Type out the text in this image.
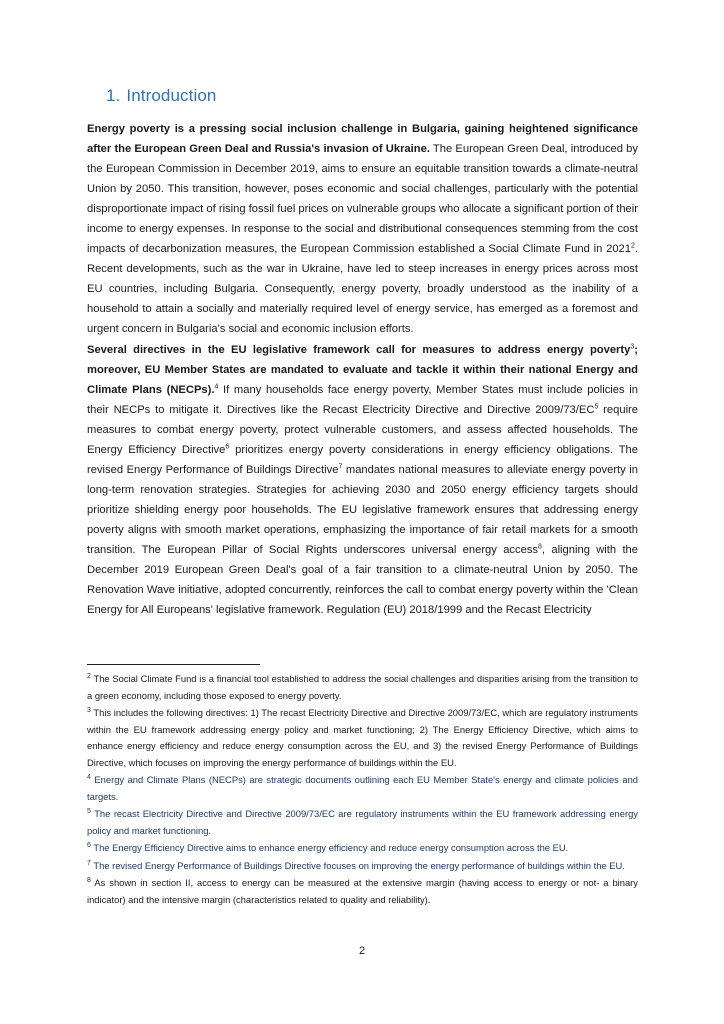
1. Introduction

Energy poverty is a pressing social inclusion challenge in Bulgaria, gaining heightened significance after the European Green Deal and Russia's invasion of Ukraine. The European Green Deal, introduced by the European Commission in December 2019, aims to ensure an equitable transition towards a climate-neutral Union by 2050. This transition, however, poses economic and social challenges, particularly with the potential disproportionate impact of rising fossil fuel prices on vulnerable groups who allocate a significant portion of their income to energy expenses. In response to the social and distributional consequences stemming from the cost impacts of decarbonization measures, the European Commission established a Social Climate Fund in 2021$^2$. Recent developments, such as the war in Ukraine, have led to steep increases in energy prices across most EU countries, including Bulgaria. Consequently, energy poverty, broadly understood as the inability of a household to attain a socially and materially required level of energy service, has emerged as a foremost and urgent concern in Bulgaria's social and economic inclusion efforts.

Several directives in the EU legislative framework call for measures to address energy poverty$^3$; moreover, EU Member States are mandated to evaluate and tackle it within their national Energy and Climate Plans (NECPs).$^4$ If many households face energy poverty, Member States must include policies in their NECPs to mitigate it. Directives like the Recast Electricity Directive and Directive $2009/73/EC^5$ require measures to combat energy poverty, protect vulnerable customers, and assess affected households. The Energy Efficiency Directive$^6$ prioritizes energy poverty considerations in energy efficiency obligations. The revised Energy Performance of Buildings Directive$^7$ mandates national measures to alleviate energy poverty in long-term renovation strategies. Strategies for achieving 2030 and 2050 energy efficiency targets should prioritize shielding energy poor households. The EU legislative framework ensures that addressing energy poverty aligns with smooth market operations, emphasizing the importance of fair retail markets for a smooth transition. The European Pillar of Social Rights underscores universal energy access$^8$, aligning with the December 2019 European Green Deal's goal of a fair transition to a climate-neutral Union by 2050. The Renovation Wave initiative, adopted concurrently, reinforces the call to combat energy poverty within the 'Clean Energy for All Europeans' legislative framework. Regulation (EU) 2018/1999 and the Recast Electricity

$^2$ The Social Climate Fund is a financial tool established to address the social challenges and disparities arising from the transition to a green economy, including those exposed to energy poverty.

$^3$ This includes the following directives: 1) The recast Electricity Directive and Directive 2009/73/EC, which are regulatory instruments within the EU framework addressing energy policy and market functioning; 2) The Energy Efficiency Directive, which aims to enhance energy efficiency and reduce energy consumption across the EU, and 3) the revised Energy Performance of Buildings Directive, which focuses on improving the energy performance of buildings within the EU.

$^4$ Energy and Climate Plans (NECPs) are strategic documents outlining each EU Member State's energy and climate policies and targets.

$^5$ The recast Electricity Directive and Directive 2009/73/EC are regulatory instruments within the EU framework addressing energy policy and market functioning.

$^6$ The Energy Efficiency Directive aims to enhance energy efficiency and reduce energy consumption across the EU.

$^7$ The revised Energy Performance of Buildings Directive focuses on improving the energy performance of buildings within the EU.

$^8$ As shown in section II, access to energy can be measured at the extensive margin (having access to energy or not- a binary indicator) and the intensive margin (characteristics related to quality and reliability).

2
